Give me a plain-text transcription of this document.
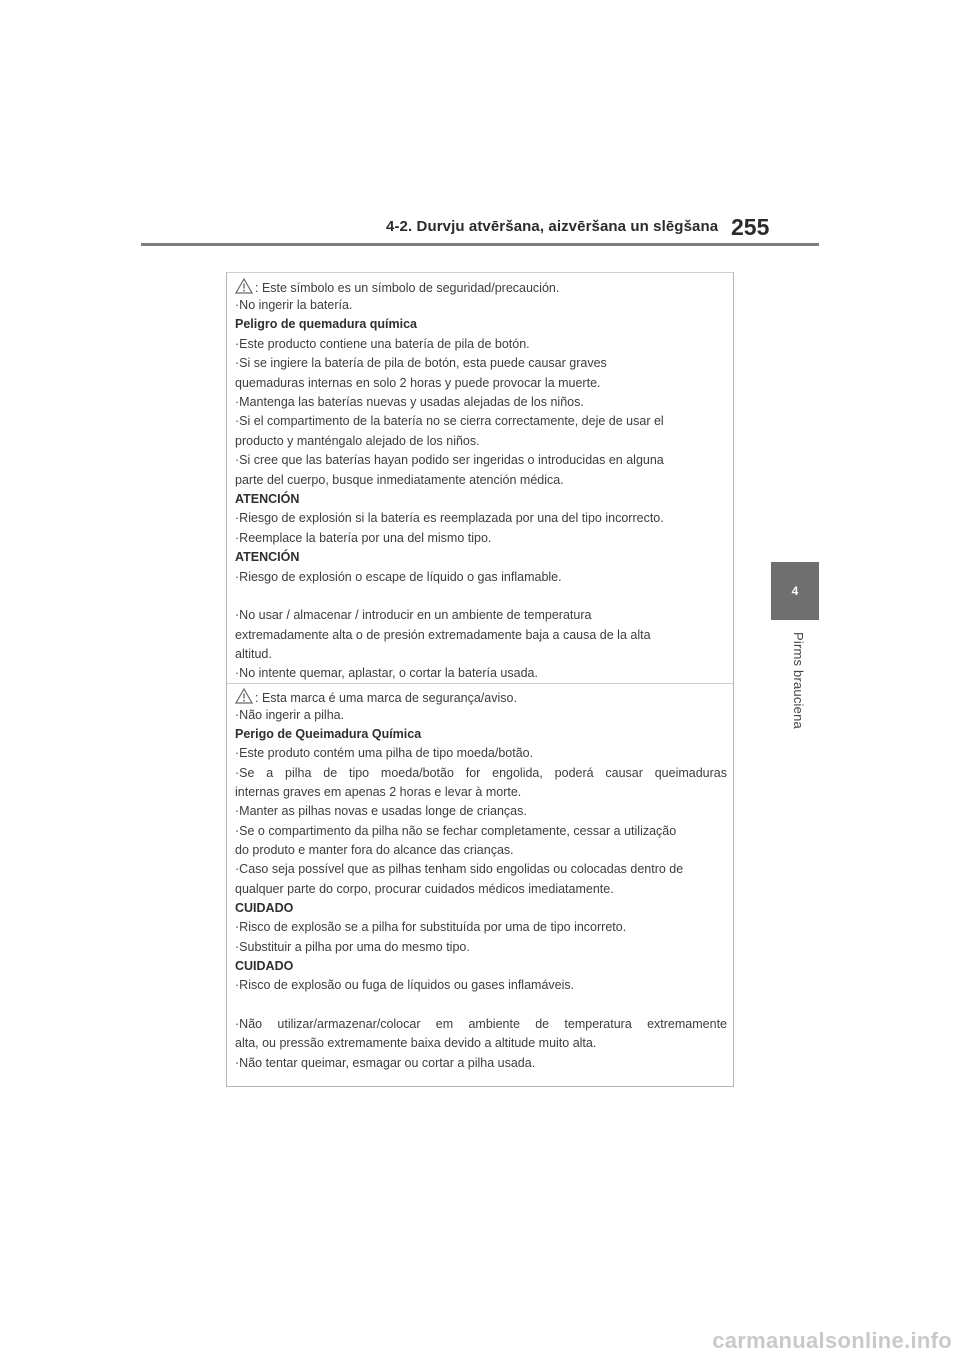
4-2. Durvju atvēršana, aizvēršana un slēgšana 255
4
Pirms brauciena
: Este símbolo es un símbolo de seguridad/precaución.
·No ingerir la batería.
Peligro de quemadura química
·Este producto contiene una batería de pila de botón.
·Si se ingiere la batería de pila de botón, esta puede causar graves
quemaduras internas en solo 2 horas y puede provocar la muerte.
·Mantenga las baterías nuevas y usadas alejadas de los niños.
·Si el compartimento de la batería no se cierra correctamente, deje de usar el
producto y manténgalo alejado de los niños.
·Si cree que las baterías hayan podido ser ingeridas o introducidas en alguna
parte del cuerpo, busque inmediatamente atención médica.
ATENCIÓN
·Riesgo de explosión si la batería es reemplazada por una del tipo incorrecto.
·Reemplace la batería por una del mismo tipo.
ATENCIÓN
·Riesgo de explosión o escape de líquido o gas inflamable.
·No usar / almacenar / introducir en un ambiente de temperatura
extremadamente alta o de presión extremadamente baja a causa de la alta
altitud.
·No intente quemar, aplastar, o cortar la batería usada.
: Esta marca é uma marca de segurança/aviso.
·Não ingerir a pilha.
Perigo de Queimadura Química
·Este produto contém uma pilha de tipo moeda/botão.
·Se a pilha de tipo moeda/botão for engolida, poderá causar queimaduras
internas graves em apenas 2 horas e levar à morte.
·Manter as pilhas novas e usadas longe de crianças.
·Se o compartimento da pilha não se fechar completamente, cessar a utilização
do produto e manter fora do alcance das crianças.
·Caso seja possível que as pilhas tenham sido engolidas ou colocadas dentro de
qualquer parte do corpo, procurar cuidados médicos imediatamente.
CUIDADO
·Risco de explosão se a pilha for substituída por uma de tipo incorreto.
·Substituir a pilha por uma do mesmo tipo.
CUIDADO
·Risco de explosão ou fuga de líquidos ou gases inflamáveis.
·Não utilizar/armazenar/colocar em ambiente de temperatura extremamente
alta, ou pressão extremamente baixa devido a altitude muito alta.
·Não tentar queimar, esmagar ou cortar a pilha usada.
carmanualsonline.info
